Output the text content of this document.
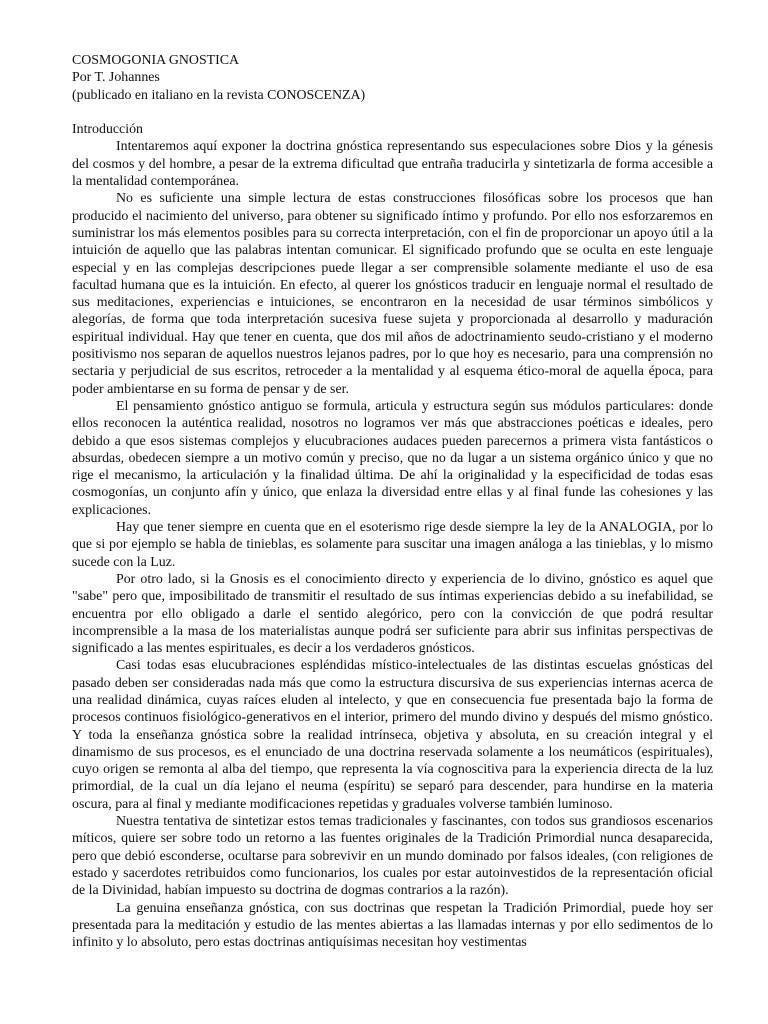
COSMOGONIA GNOSTICA

Por T. Johannes

(publicado en italiano en la revista CONOSCENZA)

Introducción

Intentaremos aquí exponer la doctrina gnóstica representando sus especulaciones sobre Dios y la génesis del cosmos y del hombre, a pesar de la extrema dificultad que entraña traducirla y sintetizarla de forma accesible a la mentalidad contemporánea.

No es suficiente una simple lectura de estas construcciones filosóficas sobre los procesos que han producido el nacimiento del universo, para obtener su significado íntimo y profundo. Por ello nos esforzaremos en suministrar los más elementos posibles para su correcta interpretación, con el fin de proporcionar un apoyo útil a la intuición de aquello que las palabras intentan comunicar. El significado profundo que se oculta en este lenguaje especial y en las complejas descripciones puede llegar a ser comprensible solamente mediante el uso de esa facultad humana que es la intuición. En efecto, al querer los gnósticos traducir en lenguaje normal el resultado de sus meditaciones, experiencias e intuiciones, se encontraron en la necesidad de usar términos simbólicos y alegorías, de forma que toda interpretación sucesiva fuese sujeta y proporcionada al desarrollo y maduración espiritual individual. Hay que tener en cuenta, que dos mil años de adoctrinamiento seudo-cristiano y el moderno positivismo nos separan de aquellos nuestros lejanos padres, por lo que hoy es necesario, para una comprensión no sectaria y perjudicial de sus escritos, retroceder a la mentalidad y al esquema ético-moral de aquella época, para poder ambientarse en su forma de pensar y de ser.

El pensamiento gnóstico antiguo se formula, articula y estructura según sus módulos particulares: donde ellos reconocen la auténtica realidad, nosotros no logramos ver más que abstracciones poéticas e ideales, pero debido a que esos sistemas complejos y elucubraciones audaces pueden parecernos a primera vista fantásticos o absurdas, obedecen siempre a un motivo común y preciso, que no da lugar a un sistema orgánico único y que no rige el mecanismo, la articulación y la finalidad última. De ahí la originalidad y la especificidad de todas esas cosmogonías, un conjunto afín y único, que enlaza la diversidad entre ellas y al final funde las cohesiones y las explicaciones.

Hay que tener siempre en cuenta que en el esoterismo rige desde siempre la ley de la ANALOGIA, por lo que si por ejemplo se habla de tinieblas, es solamente para suscitar una imagen análoga a las tinieblas, y lo mismo sucede con la Luz.

Por otro lado, si la Gnosis es el conocimiento directo y experiencia de lo divino, gnóstico es aquel que "sabe" pero que, imposibilitado de transmitir el resultado de sus íntimas experiencias debido a su inefabilidad, se encuentra por ello obligado a darle el sentido alegórico, pero con la convicción de que podrá resultar incomprensible a la masa de los materialistas aunque podrá ser suficiente para abrir sus infinitas perspectivas de significado a las mentes espirituales, es decir a los verdaderos gnósticos.

Casi todas esas elucubraciones espléndidas místico-intelectuales de las distintas escuelas gnósticas del pasado deben ser consideradas nada más que como la estructura discursiva de sus experiencias internas acerca de una realidad dinámica, cuyas raíces eluden al intelecto, y que en consecuencia fue presentada bajo la forma de procesos continuos fisiológico-generativos en el interior, primero del mundo divino y después del mismo gnóstico. Y toda la enseñanza gnóstica sobre la realidad intrínseca, objetiva y absoluta, en su creación integral y el dinamismo de sus procesos, es el enunciado de una doctrina reservada solamente a los neumáticos (espirituales), cuyo origen se remonta al alba del tiempo, que representa la vía cognoscitiva para la experiencia directa de la luz primordial, de la cual un día lejano el neuma (espíritu) se separó para descender, para hundirse en la materia oscura, para al final y mediante modificaciones repetidas y graduales volverse también luminoso.

Nuestra tentativa de sintetizar estos temas tradicionales y fascinantes, con todos sus grandiosos escenarios míticos, quiere ser sobre todo un retorno a las fuentes originales de la Tradición Primordial nunca desaparecida, pero que debió esconderse, ocultarse para sobrevivir en un mundo dominado por falsos ideales, (con religiones de estado y sacerdotes retribuidos como funcionarios, los cuales por estar autoinvestidos de la representación oficial de la Divinidad, habían impuesto su doctrina de dogmas contrarios a la razón).

La genuina enseñanza gnóstica, con sus doctrinas que respetan la Tradición Primordial, puede hoy ser presentada para la meditación y estudio de las mentes abiertas a las llamadas internas y por ello sedimentos de lo infinito y lo absoluto, pero estas doctrinas antiquísimas necesitan hoy vestimentas
